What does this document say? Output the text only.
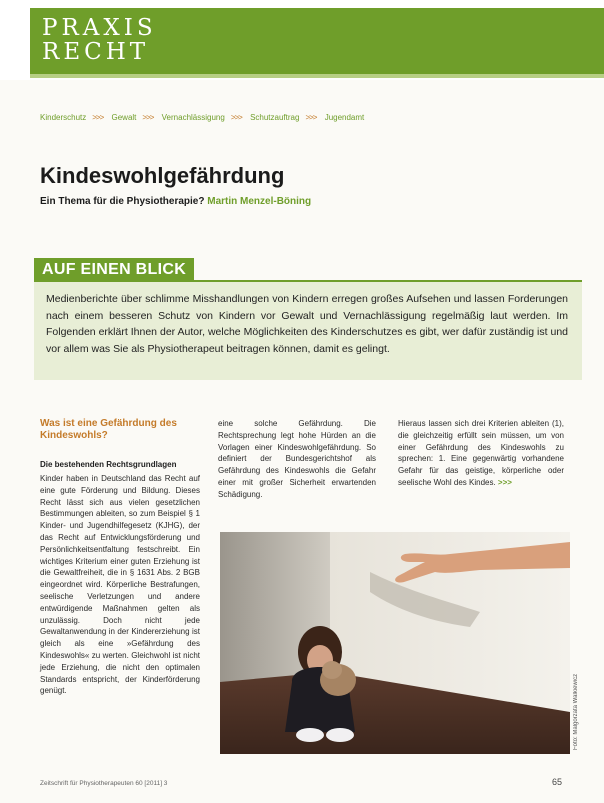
PRAXIS
RECHT
Kinderschutz >>> Gewalt >>> Vernachlässigung >>> Schutzauftrag >>> Jugendamt
Kindeswohlgefährdung
Ein Thema für die Physiotherapie? Martin Menzel-Böning
AUF EINEN BLICK
Medienberichte über schlimme Misshandlungen von Kindern erregen großes Aufsehen und lassen Forderungen nach einem besseren Schutz von Kindern vor Gewalt und Vernachlässigung regelmäßig laut werden. Im Folgenden erklärt Ihnen der Autor, welche Möglichkeiten des Kinderschutzes es gibt, wer dafür zuständig ist und vor allem was Sie als Physiotherapeut beitragen können, damit es gelingt.
Was ist eine Gefährdung des Kindeswohls?
Die bestehenden Rechtsgrundlagen
Kinder haben in Deutschland das Recht auf eine gute Förderung und Bildung. Dieses Recht lässt sich aus vielen gesetzlichen Bestimmungen ableiten, so zum Beispiel § 1 Kinder- und Jugendhilfegesetz (KJHG), der das Recht auf Entwicklungsförderung und Persönlichkeitsentfaltung festschreibt. Ein wichtiges Kriterium einer guten Erziehung ist die Gewaltfreiheit, die in § 1631 Abs. 2 BGB eingeordnet wird. Körperliche Bestrafungen, seelische Verletzungen und andere entwürdigende Maßnahmen gelten als unzulässig. Doch nicht jede Gewaltanwendung in der Kindererziehung ist gleich als eine »Gefährdung des Kindeswohls« zu werten. Gleichwohl ist nicht jede Erziehung, die nicht den optimalen Standards entspricht, der Kinderförderung genügt.
eine solche Gefährdung. Die Rechtsprechung legt hohe Hürden an die Vorlagen einer Kindeswohlgefährdung. So definiert der Bundesgerichtshof als Gefährdung des Kindeswohls die Gefahr einer mit großer Sicherheit erwartenden Schädigung.
Hieraus lassen sich drei Kriterien ableiten (1), die gleichzeitig erfüllt sein müssen, um von einer Gefährdung des Kindeswohls zu sprechen: 1. Eine gegenwärtig vorhandene Gefahr für das geistige, körperliche oder seelische Wohl des Kindes. >>>
Foto: Malgorzata Walkiewicz
Zeitschrift für Physiotherapeuten 60 [2011] 3	65
